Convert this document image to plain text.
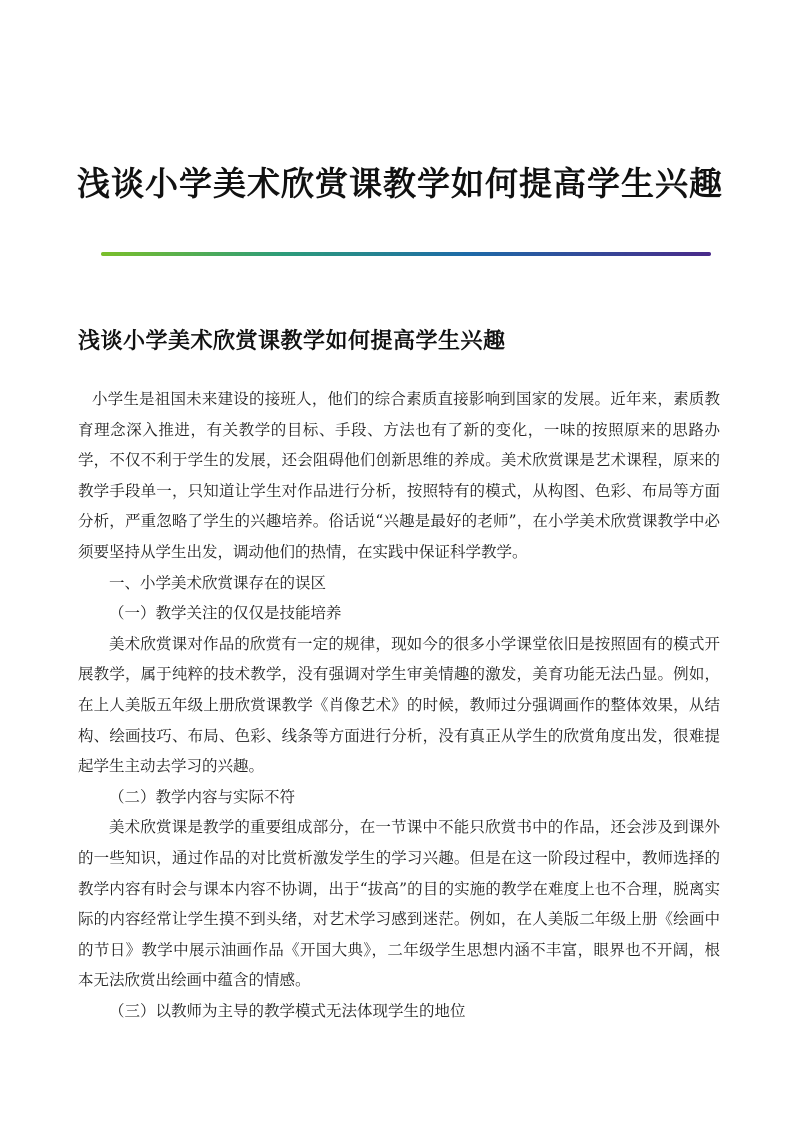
浅谈小学美术欣赏课教学如何提高学生兴趣
浅谈小学美术欣赏课教学如何提高学生兴趣

小学生是祖国未来建设的接班人，他们的综合素质直接影响到国家的发展。近年来，素质教育理念深入推进，有关教学的目标、手段、方法也有了新的变化，一味的按照原来的思路办学，不仅不利于学生的发展，还会阻碍他们创新思维的养成。美术欣赏课是艺术课程，原来的教学手段单一，只知道让学生对作品进行分析，按照特有的模式，从构图、色彩、布局等方面分析，严重忽略了学生的兴趣培养。俗话说“兴趣是最好的老师”，在小学美术欣赏课教学中必须要坚持从学生出发，调动他们的热情，在实践中保证科学教学。

一、小学美术欣赏课存在的误区

（一）教学关注的仅仅是技能培养

美术欣赏课对作品的欣赏有一定的规律，现如今的很多小学课堂依旧是按照固有的模式开展教学，属于纯粹的技术教学，没有强调对学生审美情趣的激发，美育功能无法凸显。例如，在上人美版五年级上册欣赏课教学《肖像艺术》的时候，教师过分强调画作的整体效果，从结构、绘画技巧、布局、色彩、线条等方面进行分析，没有真正从学生的欣赏角度出发，很难提起学生主动去学习的兴趣。

（二）教学内容与实际不符

美术欣赏课是教学的重要组成部分，在一节课中不能只欣赏书中的作品，还会涉及到课外的一些知识，通过作品的对比赏析激发学生的学习兴趣。但是在这一阶段过程中，教师选择的教学内容有时会与课本内容不协调，出于“拔高”的目的实施的教学在难度上也不合理，脱离实际的内容经常让学生摸不到头绪，对艺术学习感到迷茫。例如，在人美版二年级上册《绘画中的节日》教学中展示油画作品《开国大典》，二年级学生思想内涵不丰富，眼界也不开阔，根本无法欣赏出绘画中蕴含的情感。

（三）以教师为主导的教学模式无法体现学生的地位
